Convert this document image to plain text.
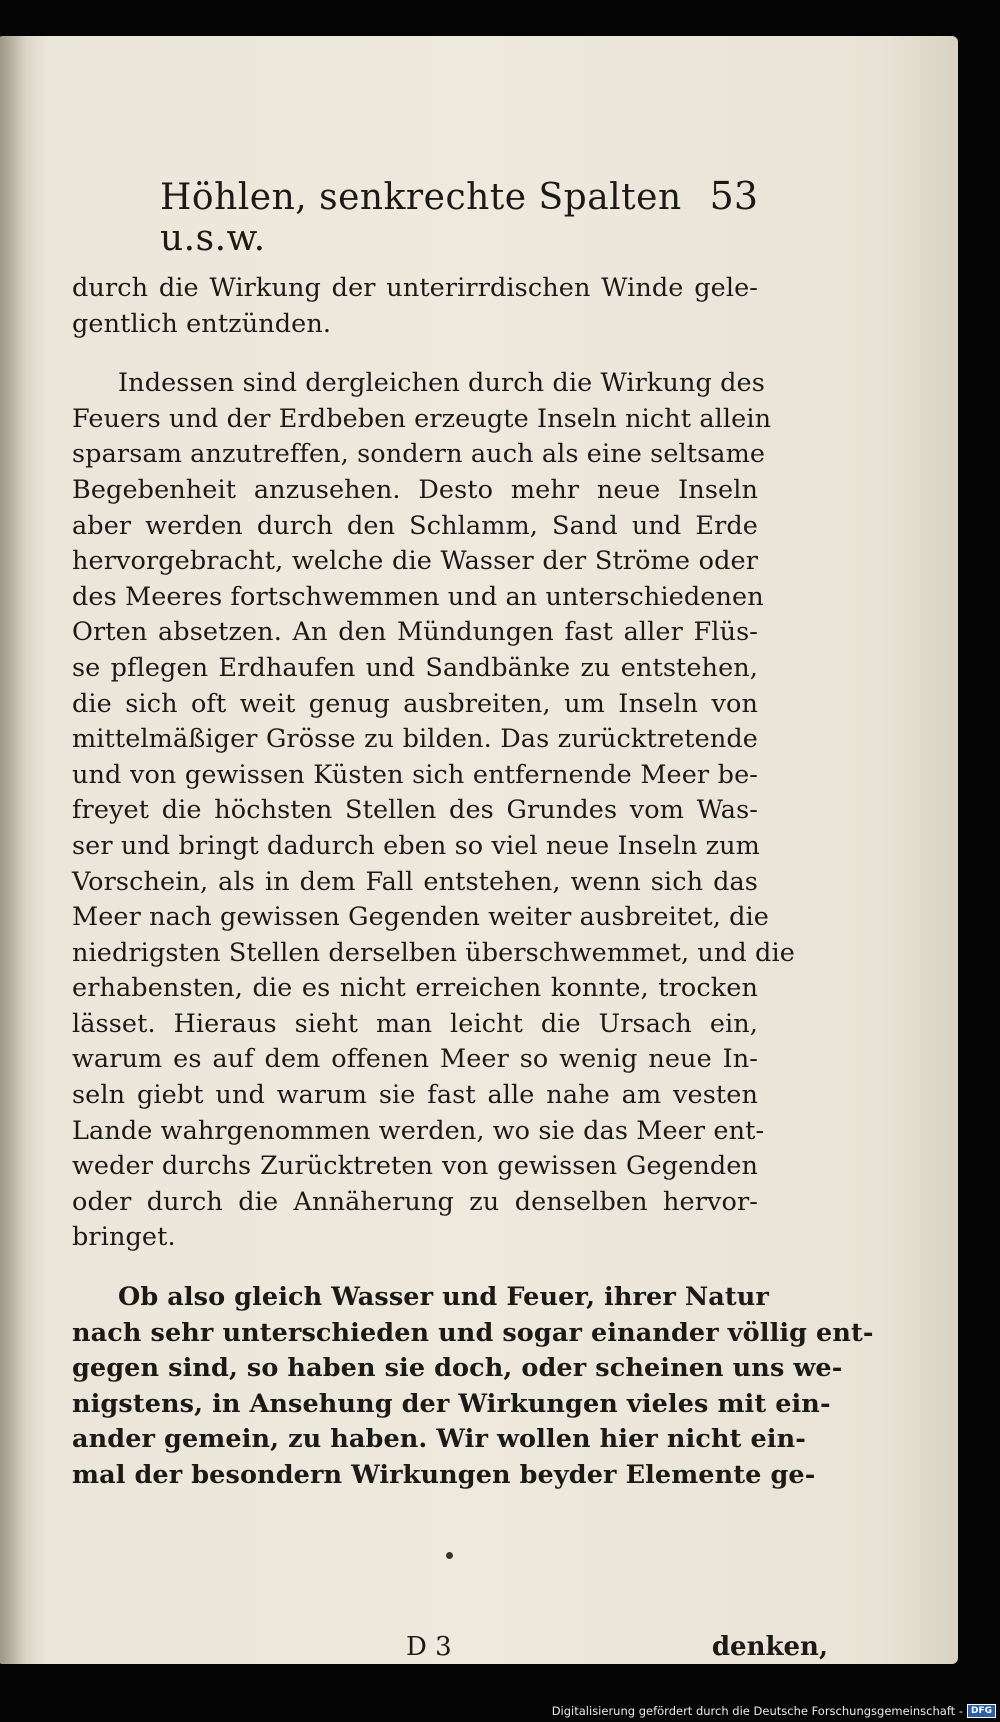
Höhlen, senkrechte Spalten u.s.w.
53
durch die Wirkung der unterirrdischen Winde gele-
gentlich entzünden.
Indessen sind dergleichen durch die Wirkung des
Feuers und der Erdbeben erzeugte Inseln nicht allein
sparsam anzutreffen, sondern auch als eine seltsame
Begebenheit anzusehen. Desto mehr neue Inseln
aber werden durch den Schlamm, Sand und Erde
hervorgebracht, welche die Wasser der Ströme oder
des Meeres fortschwemmen und an unterschiedenen
Orten absetzen. An den Mündungen fast aller Flüs-
se pflegen Erdhaufen und Sandbänke zu entstehen,
die sich oft weit genug ausbreiten, um Inseln von
mittelmäßiger Grösse zu bilden. Das zurücktretende
und von gewissen Küsten sich entfernende Meer be-
freyet die höchsten Stellen des Grundes vom Was-
ser und bringt dadurch eben so viel neue Inseln zum
Vorschein, als in dem Fall entstehen, wenn sich das
Meer nach gewissen Gegenden weiter ausbreitet, die
niedrigsten Stellen derselben überschwemmet, und die
erhabensten, die es nicht erreichen konnte, trocken
lässet. Hieraus sieht man leicht die Ursach ein,
warum es auf dem offenen Meer so wenig neue In-
seln giebt und warum sie fast alle nahe am vesten
Lande wahrgenommen werden, wo sie das Meer ent-
weder durchs Zurücktreten von gewissen Gegenden
oder durch die Annäherung zu denselben hervor-
bringet.
Ob also gleich Wasser und Feuer, ihrer Natur
nach sehr unterschieden und sogar einander völlig ent-
gegen sind, so haben sie doch, oder scheinen uns we-
nigstens, in Ansehung der Wirkungen vieles mit ein-
ander gemein, zu haben. Wir wollen hier nicht ein-
mal der besondern Wirkungen beyder Elemente ge-
D 3	denken,
Digitalisierung gefördert durch die Deutsche Forschungsgemeinschaft - DFG
